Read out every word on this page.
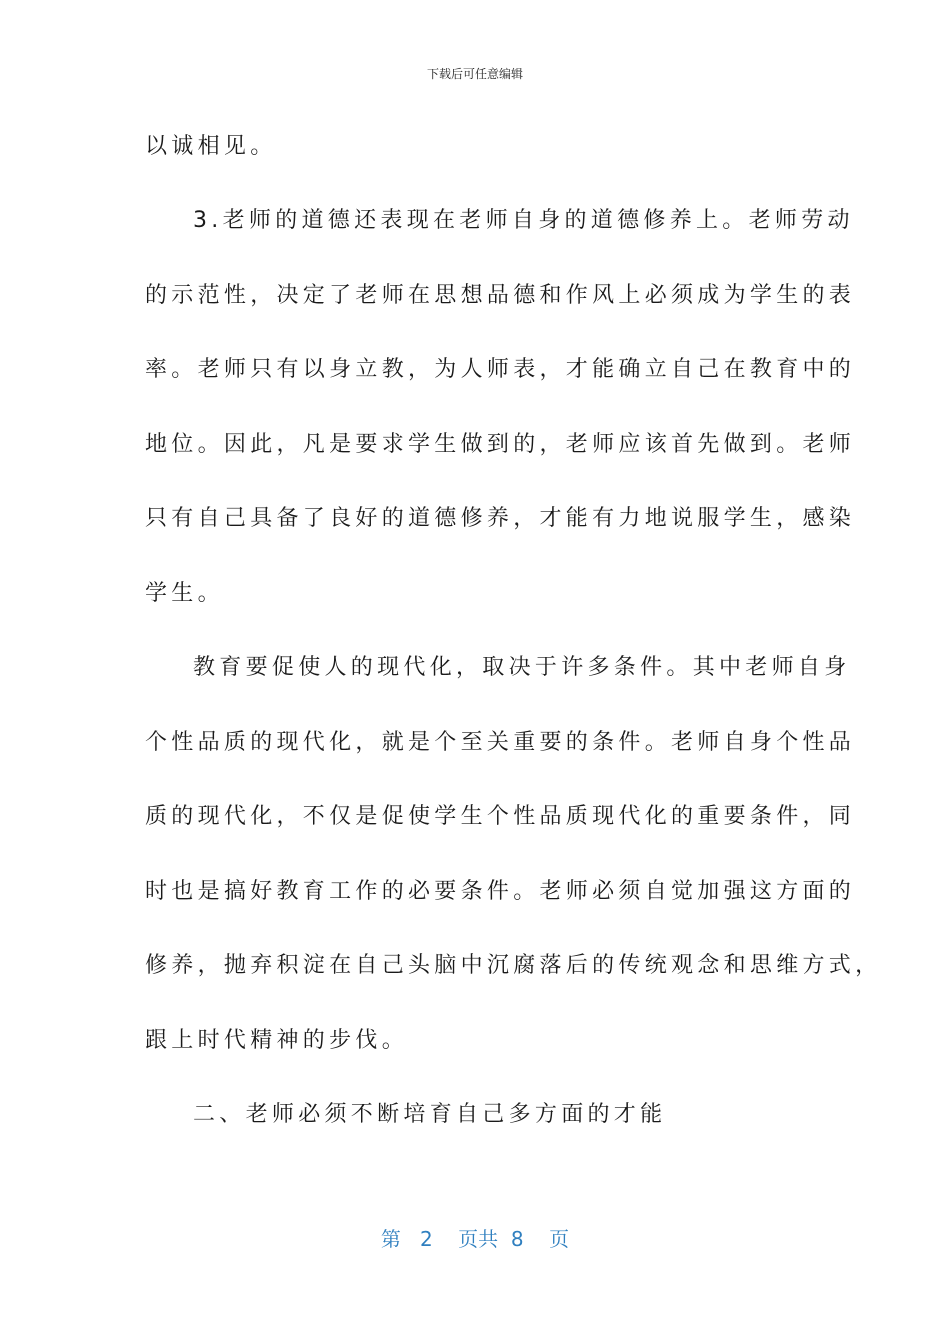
下载后可任意编辑
以诚相见。
3.老师的道德还表现在老师自身的道德修养上。老师劳动
的示范性，决定了老师在思想品德和作风上必须成为学生的表
率。老师只有以身立教，为人师表，才能确立自己在教育中的
地位。因此，凡是要求学生做到的，老师应该首先做到。老师
只有自己具备了良好的道德修养，才能有力地说服学生，感染
学生。
教育要促使人的现代化，取决于许多条件。其中老师自身
个性品质的现代化，就是个至关重要的条件。老师自身个性品
质的现代化，不仅是促使学生个性品质现代化的重要条件，同
时也是搞好教育工作的必要条件。老师必须自觉加强这方面的
修养，抛弃积淀在自己头脑中沉腐落后的传统观念和思维方式，
跟上时代精神的步伐。
二、老师必须不断培育自己多方面的才能
第 2 页共 8 页
